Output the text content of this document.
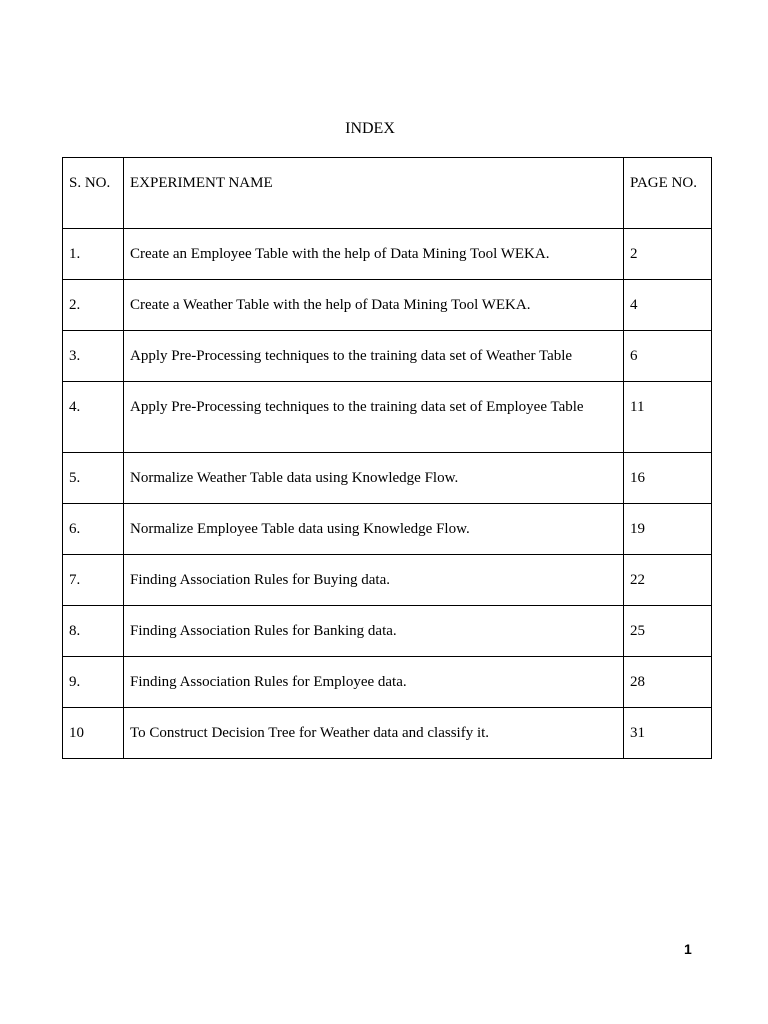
INDEX
S. NO.	EXPERIMENT NAME	PAGE NO.
1.	Create an Employee Table with the help of Data Mining Tool WEKA.	2
2.	Create a Weather Table with the help of Data Mining Tool WEKA.	4
3.	Apply Pre-Processing techniques to the training data set of Weather Table	6
4.	Apply Pre-Processing techniques to the training data set of Employee Table	11
5.	Normalize Weather Table data using Knowledge Flow.	16
6.	Normalize Employee Table data using Knowledge Flow.	19
7.	Finding Association Rules for Buying data.	22
8.	Finding Association Rules for Banking data.	25
9.	Finding Association Rules for Employee data.	28
10	To Construct Decision Tree for Weather data and classify it.	31
1
